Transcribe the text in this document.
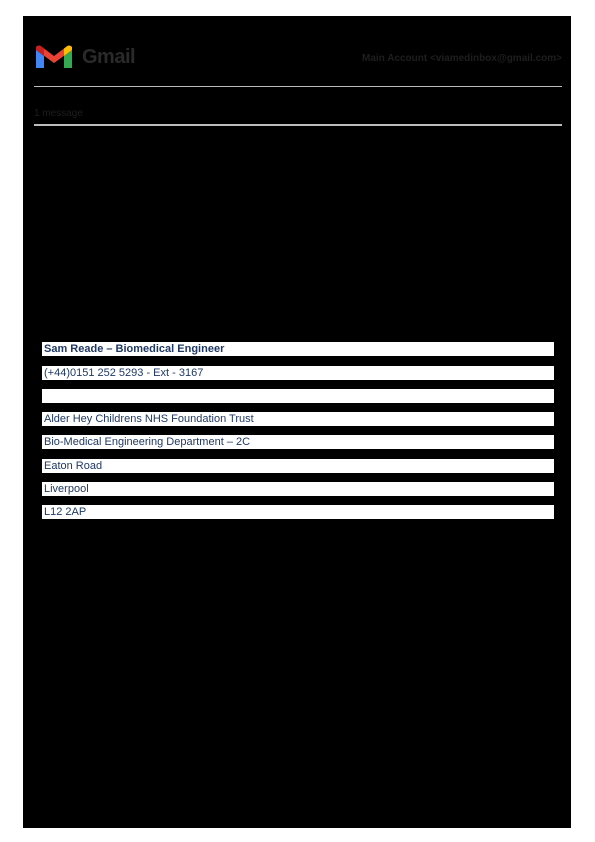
Gmail	Main Account <viamedinbox@gmail.com>
1 message
Sam Reade – Biomedical Engineer
(+44)0151 252 5293 - Ext - 3167
Alder Hey Childrens NHS Foundation Trust
Bio-Medical Engineering Department – 2C
Eaton Road
Liverpool
L12 2AP
